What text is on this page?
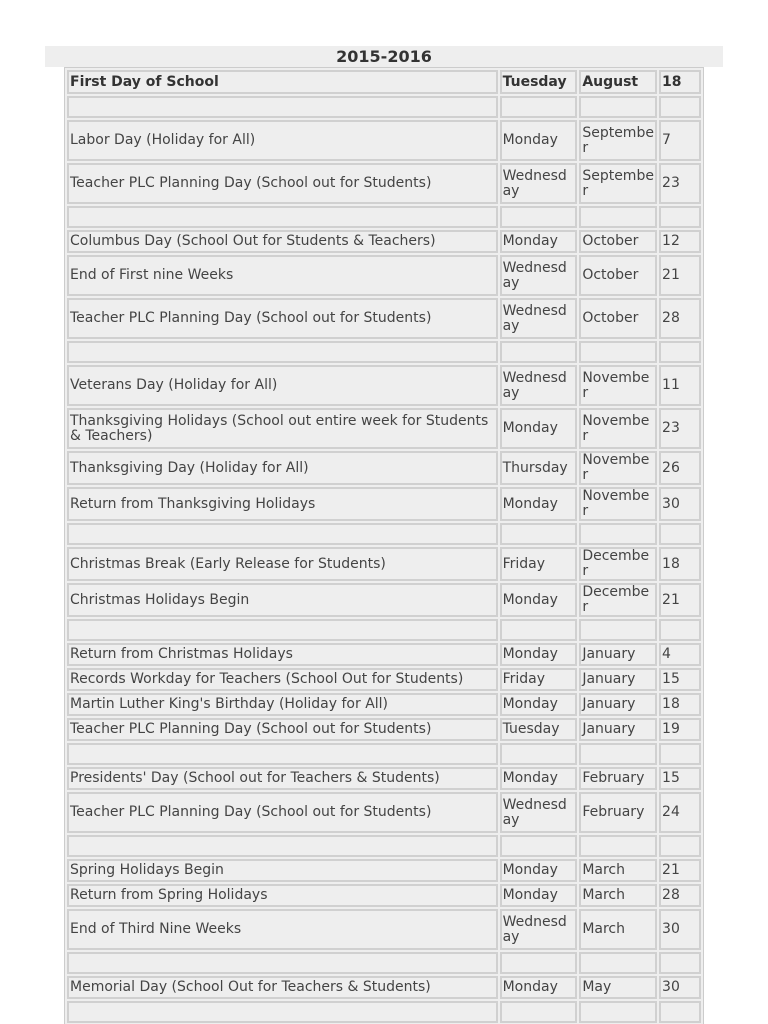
2015-2016
First Day of School	Tuesday	August	18

Labor Day (Holiday for All)	Monday	September	7
Teacher PLC Planning Day (School out for Students)	Wednesday	September	23

Columbus Day (School Out for Students & Teachers)	Monday	October	12
End of First nine Weeks	Wednesday	October	21
Teacher PLC Planning Day (School out for Students)	Wednesday	October	28

Veterans Day (Holiday for All)	Wednesday	November	11
Thanksgiving Holidays (School out entire week for Students & Teachers)	Monday	November	23
Thanksgiving Day (Holiday for All)	Thursday	November	26
Return from Thanksgiving Holidays	Monday	November	30

Christmas Break (Early Release for Students)	Friday	December	18
Christmas Holidays Begin	Monday	December	21

Return from Christmas Holidays	Monday	January	4
Records Workday for Teachers (School Out for Students)	Friday	January	15
Martin Luther King's Birthday (Holiday for All)	Monday	January	18
Teacher PLC Planning Day (School out for Students)	Tuesday	January	19

Presidents' Day (School out for Teachers & Students)	Monday	February	15
Teacher PLC Planning Day (School out for Students)	Wednesday	February	24

Spring Holidays Begin	Monday	March	21
Return from Spring Holidays	Monday	March	28
End of Third Nine Weeks	Wednesday	March	30

Memorial Day (School Out for Teachers & Students)	Monday	May	30
